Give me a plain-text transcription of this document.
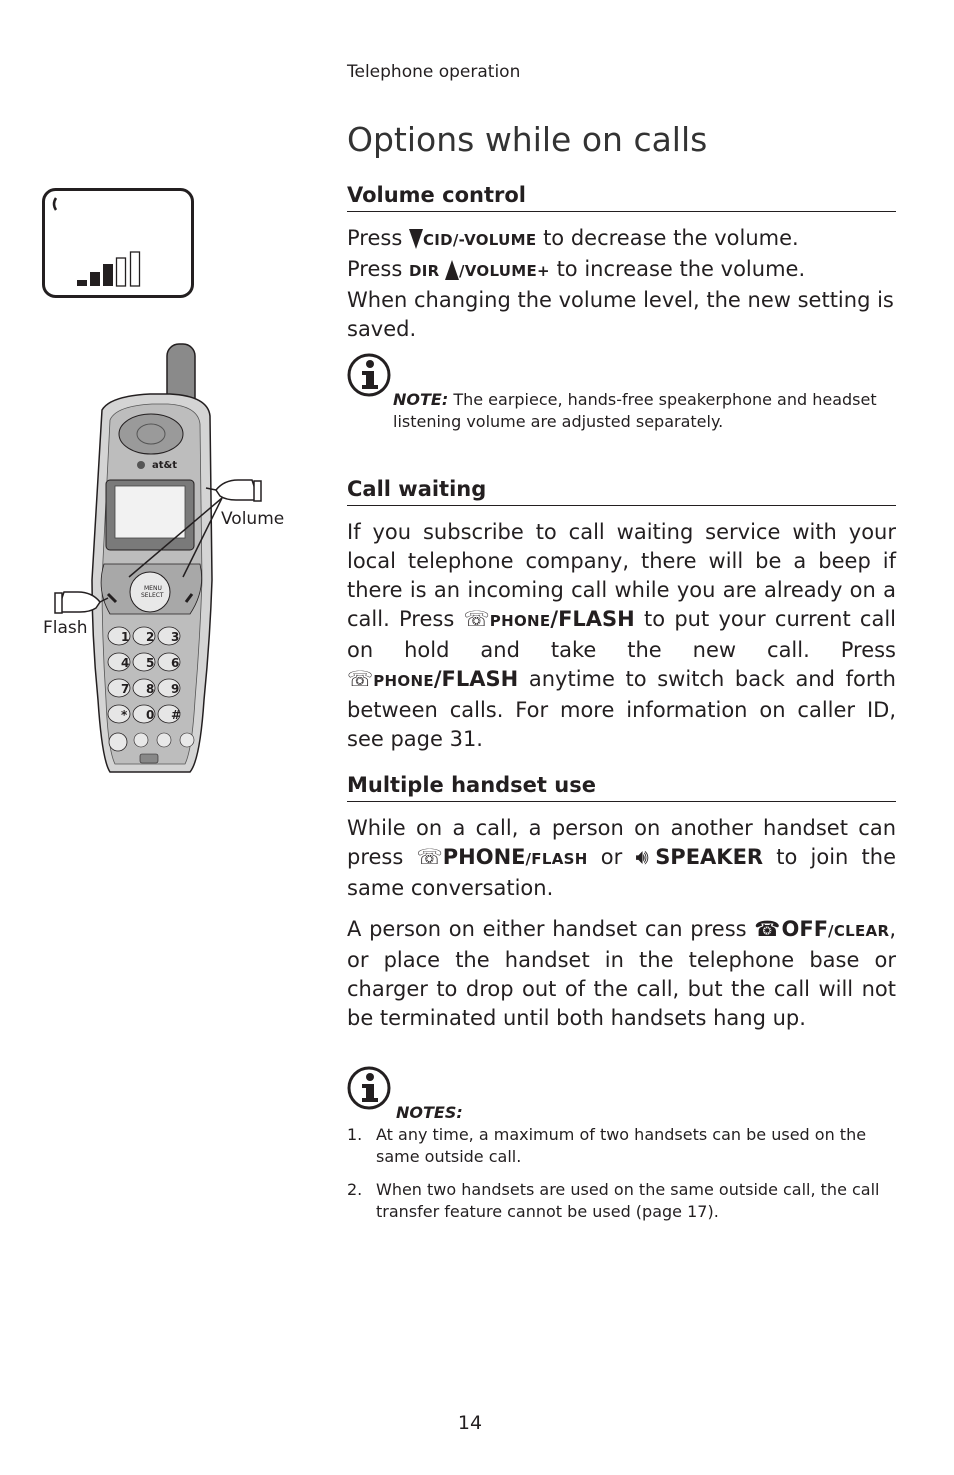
Telephone operation
Options while on calls
at&t
MENU
SELECT
1 2 3
4 5 6
7 8 9
* 0 #
Volume
Flash
Volume control

Press CID/-VOLUME to decrease the volume.
Press DIR /VOLUME+ to increase the volume.
When changing the volume level, the new setting is saved.

NOTE: The earpiece, hands-free speakerphone and headset listening volume are adjusted separately.
Call waiting

If you subscribe to call waiting service with your local telephone company, there will be a beep if there is an incoming call while you are already on a call. Press ☏PHONE/FLASH to put your current call on hold and take the new call. Press ☏PHONE/FLASH anytime to switch back and forth between calls. For more information on caller ID, see page 31.

Multiple handset use

While on a call, a person on another handset can press ☏PHONE/FLASH or 🔊︎SPEAKER to join the same conversation.

A person on either handset can press ☎OFF/CLEAR, or place the handset in the telephone base or charger to drop out of the call, but the call will not be terminated until both handsets hang up.

NOTES:
1. At any time, a maximum of two handsets can be used on the same outside call.
2. When two handsets are used on the same outside call, the call transfer feature cannot be used (page 17).
14
